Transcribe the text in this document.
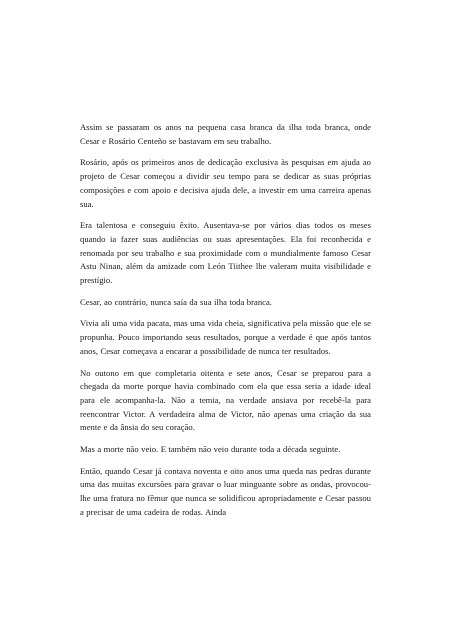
Assim se passaram os anos na pequena casa branca da ilha toda branca, onde Cesar e Rosário Centeño se bastavam em seu trabalho.

Rosário, após os primeiros anos de dedicação exclusiva às pesquisas em ajuda ao projeto de Cesar começou a dividir seu tempo para se dedicar as suas próprias composições e com apoio e decisiva ajuda dele, a investir em uma carreira apenas sua.

Era talentosa e conseguiu êxito. Ausentava-se por vários dias todos os meses quando ia fazer suas audiências ou suas apresentações. Ela foi reconhecida e renomada por seu trabalho e sua proximidade com o mundialmente famoso Cesar Astu Ninan, além da amizade com León Tiithee lhe valeram muita visibilidade e prestígio.

Cesar, ao contrário, nunca saía da sua ilha toda branca.

Vivia ali uma vida pacata, mas uma vida cheia, significativa pela missão que ele se propunha. Pouco importando seus resultados, porque a verdade é que após tantos anos, Cesar começava a encarar a possibilidade de nunca ter resultados.

No outono em que completaria oitenta e sete anos, Cesar se preparou para a chegada da morte porque havia combinado com ela que essa seria a idade ideal para ele acompanha-la. Não a temia, na verdade ansiava por recebê-la para reencontrar Victor. A verdadeira alma de Victor, não apenas uma criação da sua mente e da ânsia do seu coração.

Mas a morte não veio. E também não veio durante toda a década seguinte.

Então, quando Cesar já contava noventa e oito anos uma queda nas pedras durante uma das muitas excursões para gravar o luar minguante sobre as ondas, provocou-lhe uma fratura no fêmur que nunca se solidificou apropriadamente e Cesar passou a precisar de uma cadeira de rodas. Ainda
